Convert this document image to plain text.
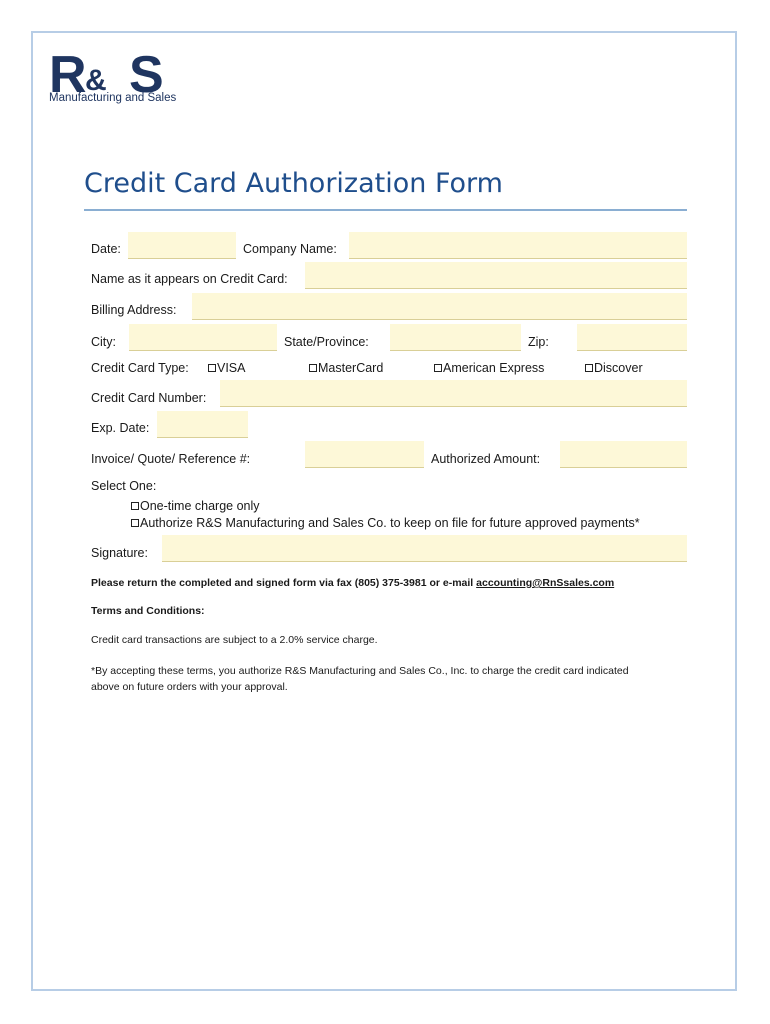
R & S
Manufacturing and Sales
Credit Card Authorization Form
Date:	Company Name:
Name as it appears on Credit Card:
Billing Address:
City:	State/Province:	Zip:
Credit Card Type: VISA	MasterCard	American Express	Discover
Credit Card Number:
Exp. Date:
Invoice/ Quote/ Reference #:	Authorized Amount:
Select One:
One-time charge only
Authorize R&S Manufacturing and Sales Co. to keep on file for future approved payments*
Signature:
Please return the completed and signed form via fax (805) 375-3981 or e-mail accounting@RnSsales.com
Terms and Conditions:
Credit card transactions are subject to a 2.0% service charge.
*By accepting these terms, you authorize R&S Manufacturing and Sales Co., Inc. to charge the credit card indicated
above on future orders with your approval.
